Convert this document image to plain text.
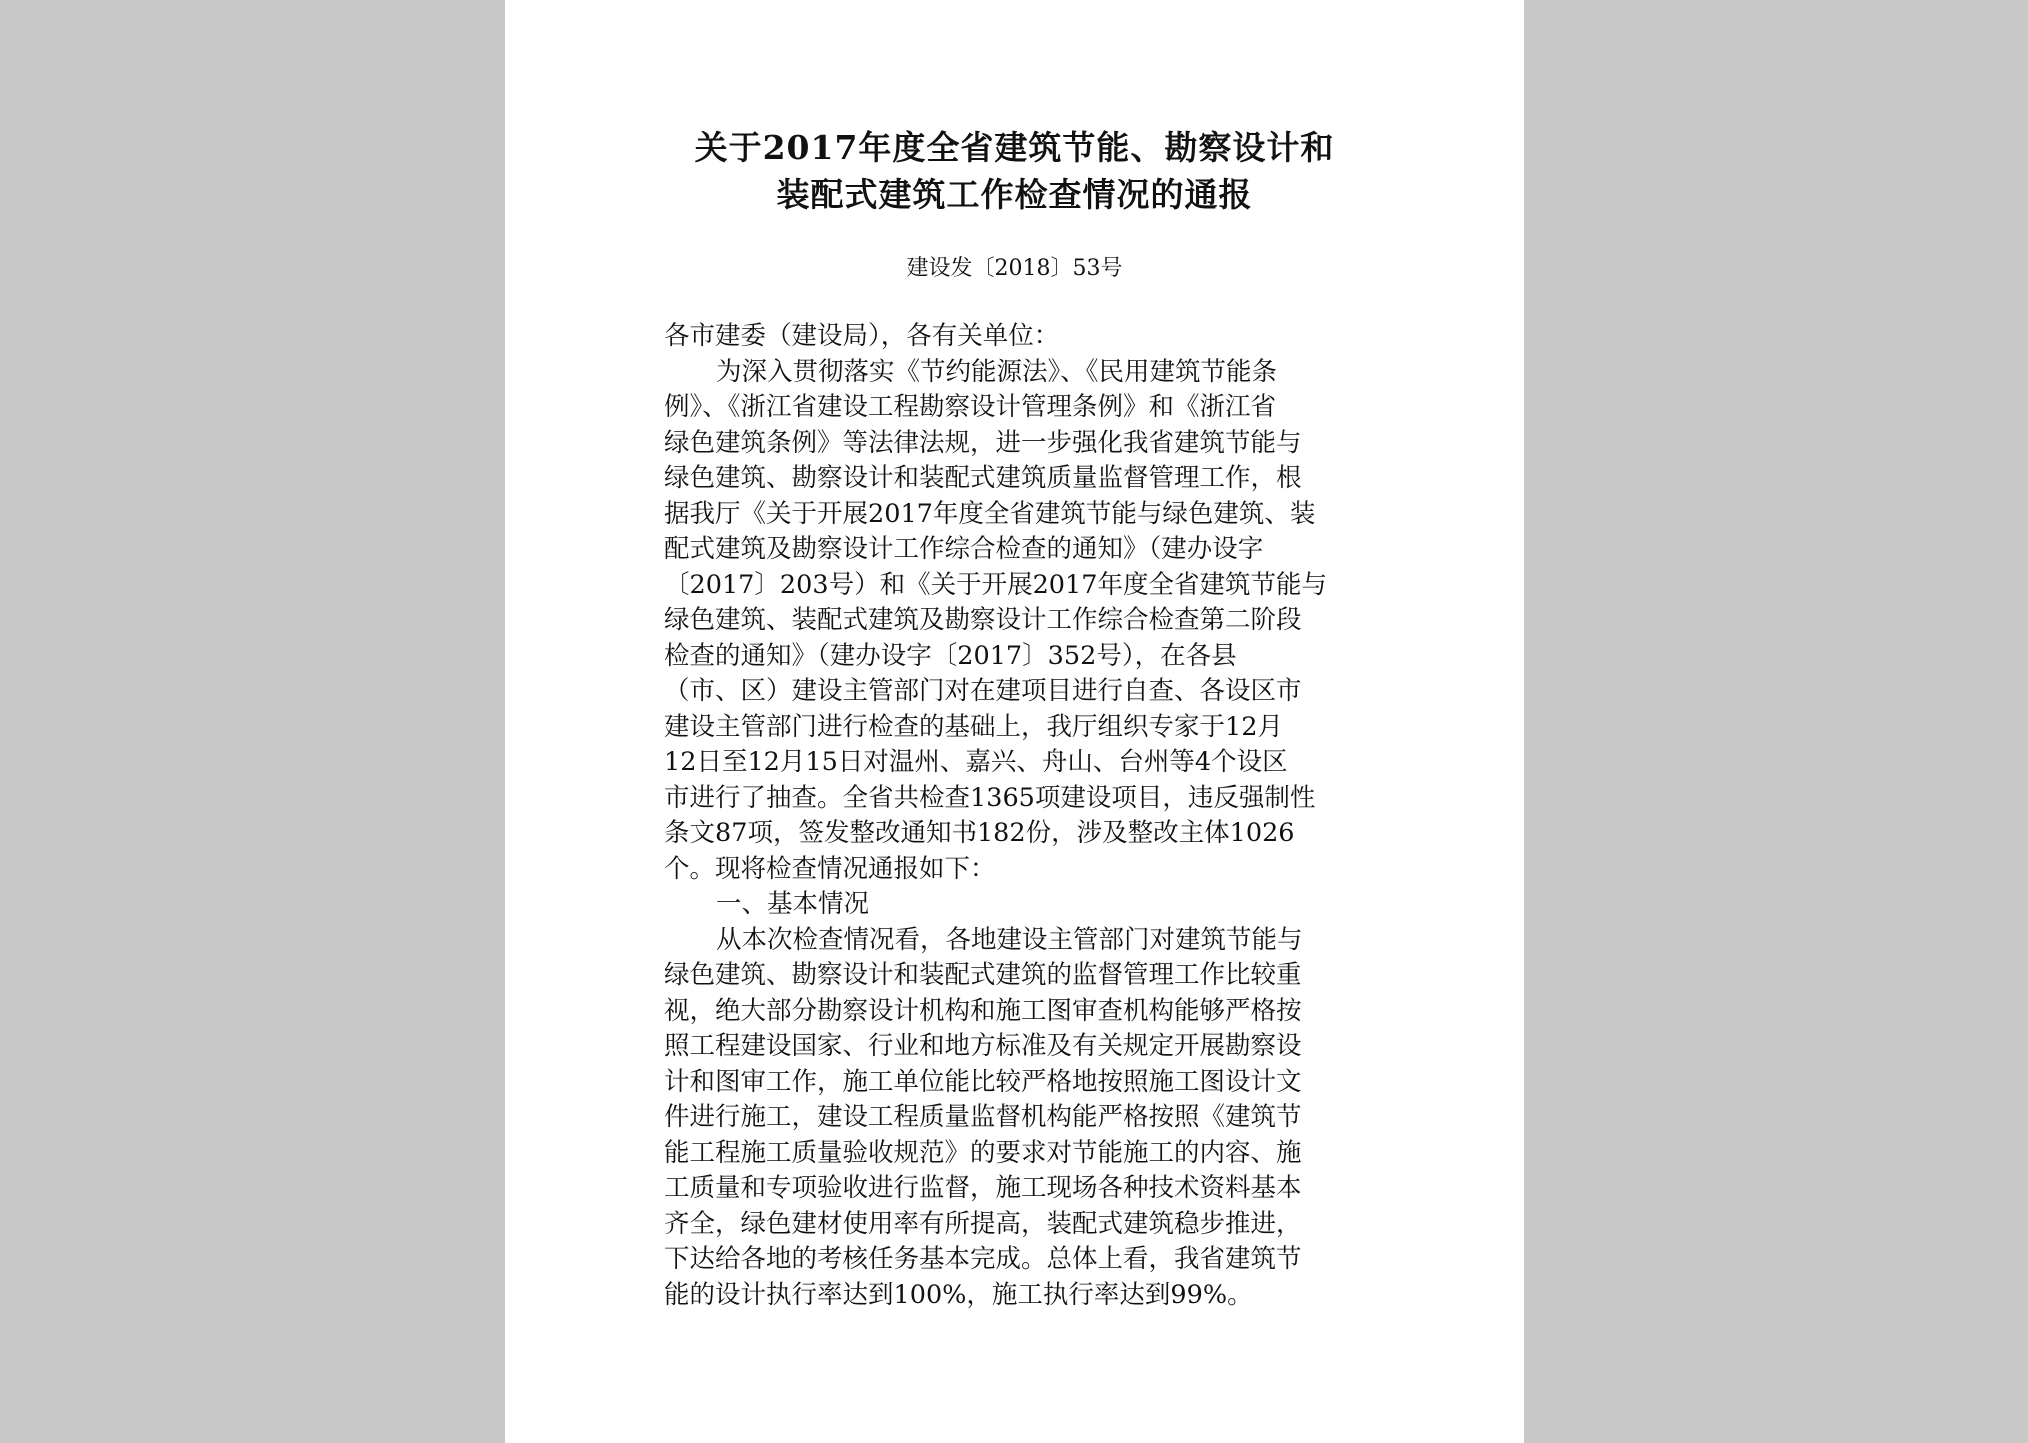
关于2017年度全省建筑节能、勘察设计和
装配式建筑工作检查情况的通报
建设发〔2018〕53号
各市建委（建设局），各有关单位：
为深入贯彻落实《节约能源法》、《民用建筑节能条
例》、《浙江省建设工程勘察设计管理条例》和《浙江省
绿色建筑条例》等法律法规，进一步强化我省建筑节能与
绿色建筑、勘察设计和装配式建筑质量监督管理工作，根
据我厅《关于开展2017年度全省建筑节能与绿色建筑、装
配式建筑及勘察设计工作综合检查的通知》（建办设字
〔2017〕203号）和《关于开展2017年度全省建筑节能与
绿色建筑、装配式建筑及勘察设计工作综合检查第二阶段
检查的通知》（建办设字〔2017〕352号），在各县
（市、区）建设主管部门对在建项目进行自查、各设区市
建设主管部门进行检查的基础上，我厅组织专家于12月
12日至12月15日对温州、嘉兴、舟山、台州等4个设区
市进行了抽查。全省共检查1365项建设项目，违反强制性
条文87项，签发整改通知书182份，涉及整改主体1026
个。现将检查情况通报如下：
一、基本情况
从本次检查情况看，各地建设主管部门对建筑节能与
绿色建筑、勘察设计和装配式建筑的监督管理工作比较重
视，绝大部分勘察设计机构和施工图审查机构能够严格按
照工程建设国家、行业和地方标准及有关规定开展勘察设
计和图审工作，施工单位能比较严格地按照施工图设计文
件进行施工，建设工程质量监督机构能严格按照《建筑节
能工程施工质量验收规范》的要求对节能施工的内容、施
工质量和专项验收进行监督，施工现场各种技术资料基本
齐全，绿色建材使用率有所提高，装配式建筑稳步推进，
下达给各地的考核任务基本完成。总体上看，我省建筑节
能的设计执行率达到100%，施工执行率达到99%。
